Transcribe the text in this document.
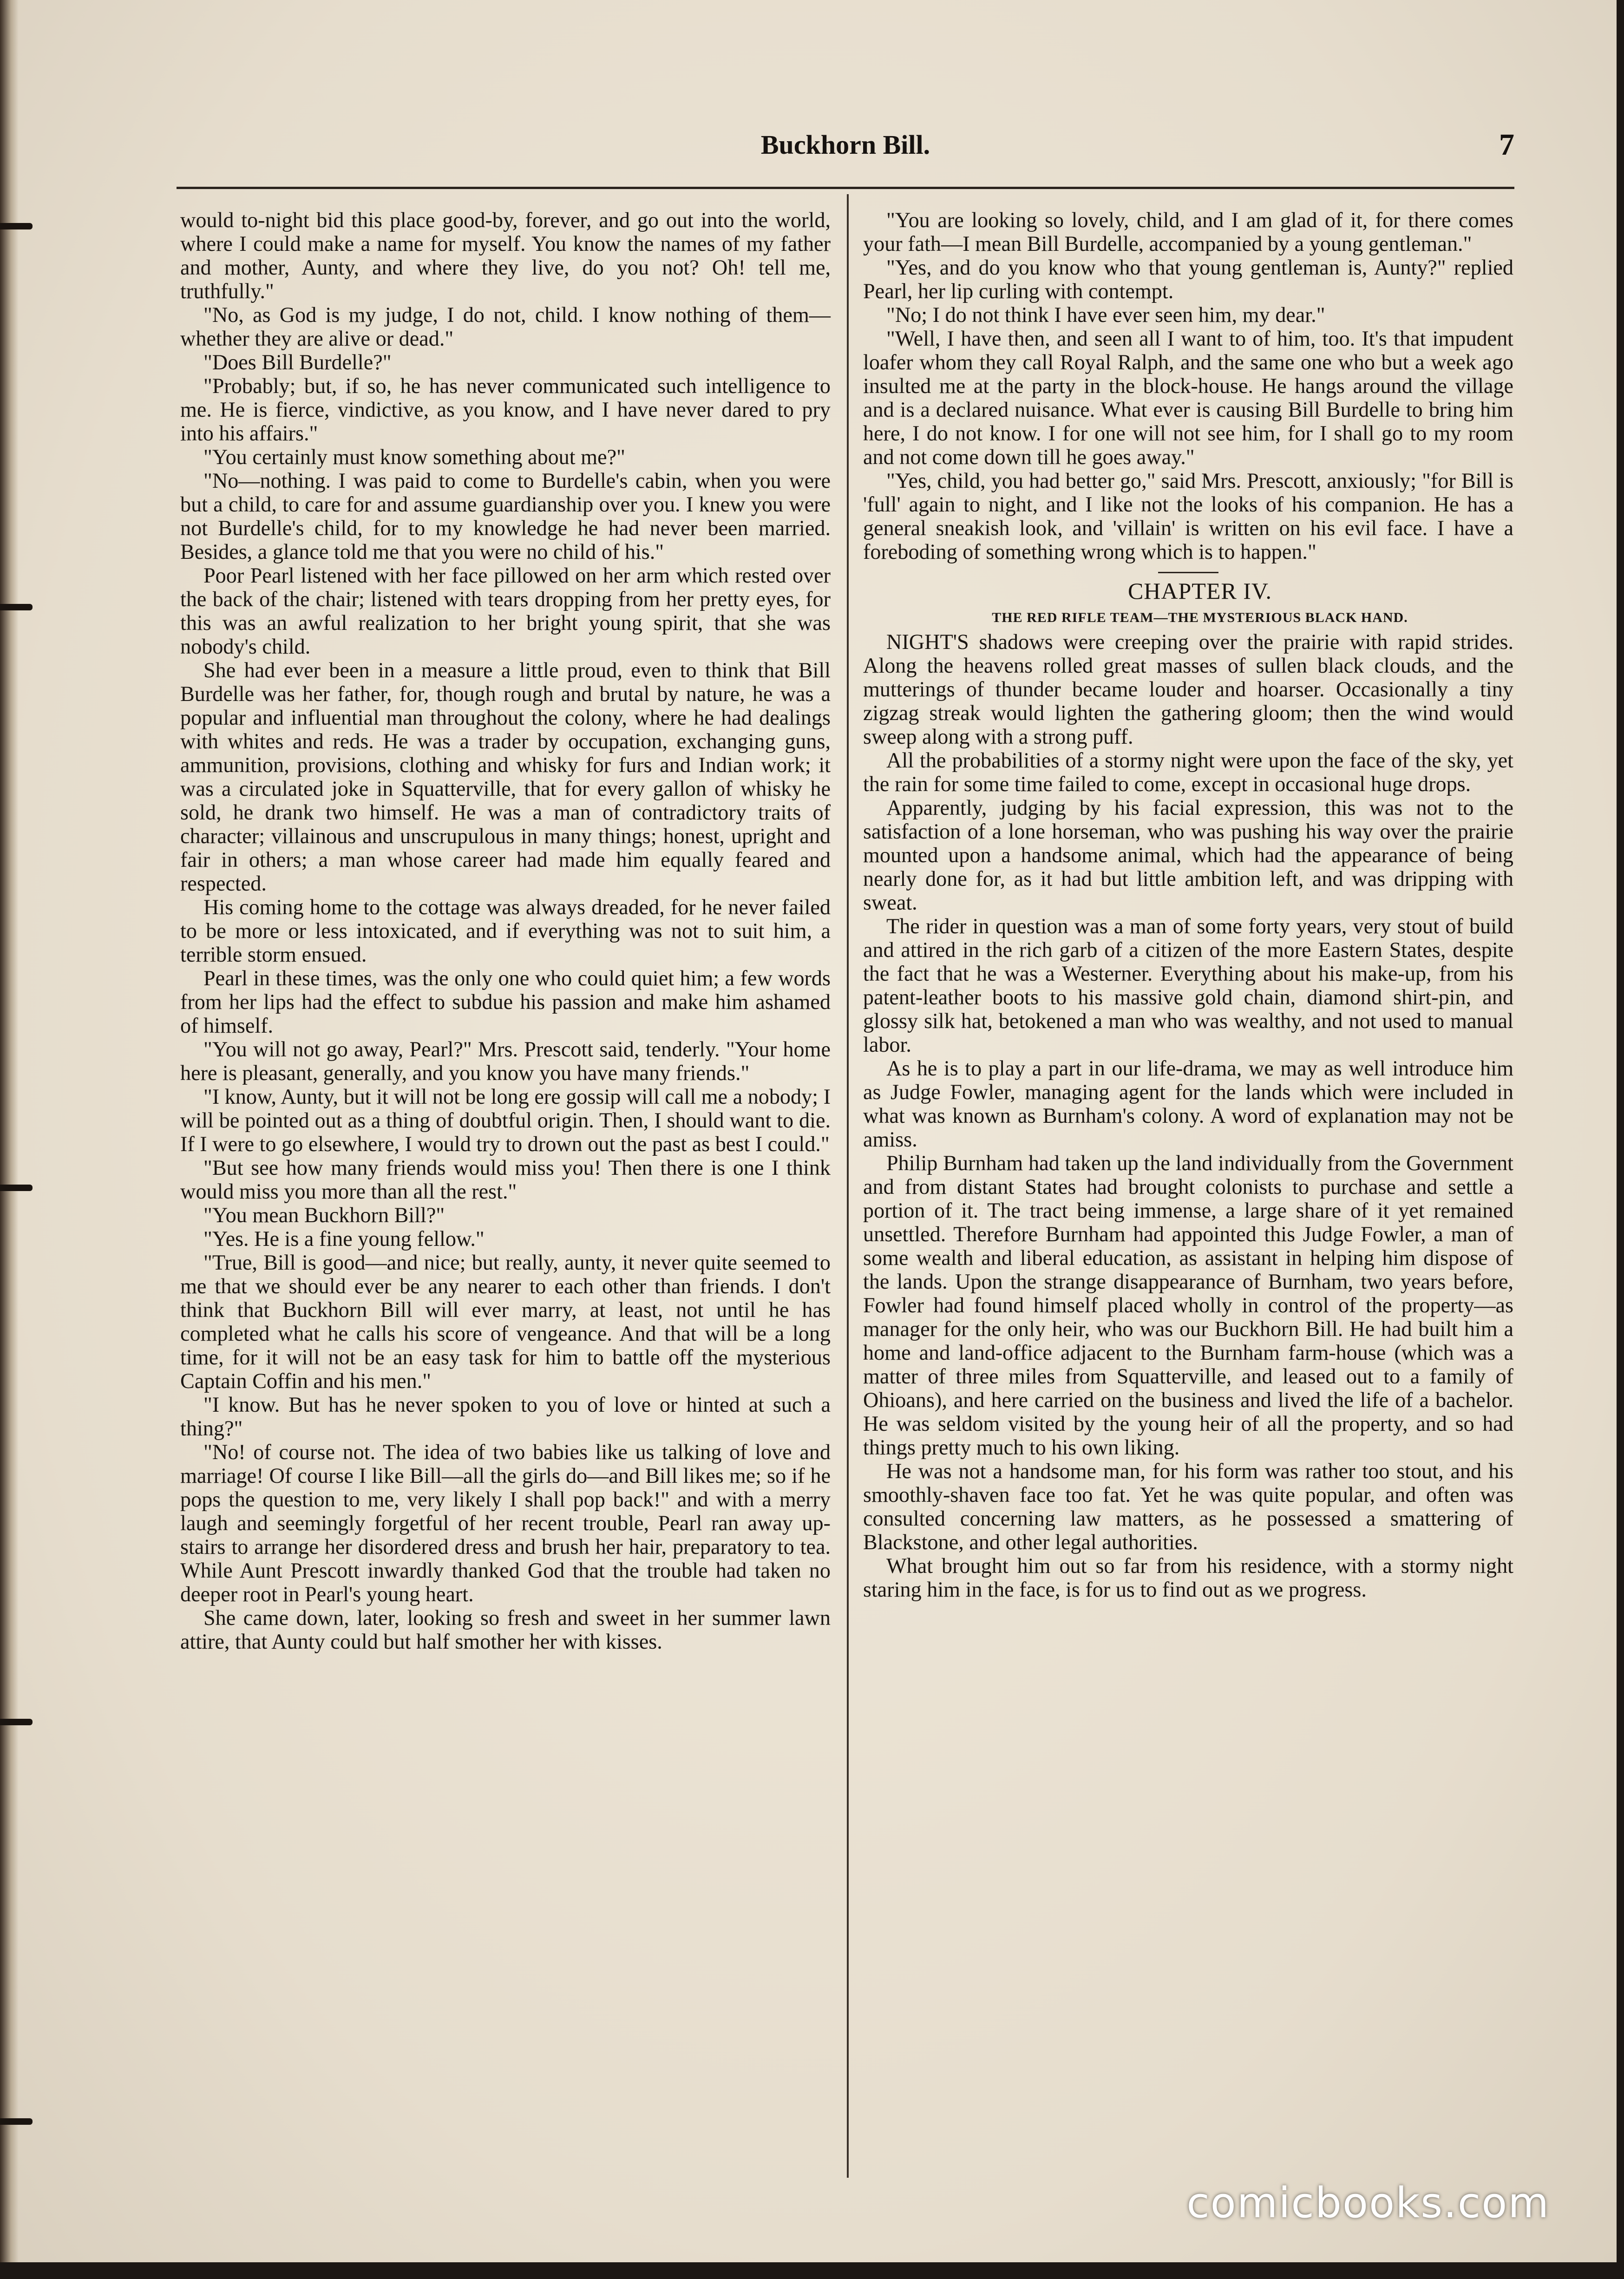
Buckhorn Bill.	7

would to-night bid this place good-by, forever, and go out into the world, where I could make a name for myself. You know the names of my father and mother, Aunty, and where they live, do you not? Oh! tell me, truthfully."

"No, as God is my judge, I do not, child. I know nothing of them—whether they are alive or dead."

"Does Bill Burdelle?"

"Probably; but, if so, he has never communicated such intelligence to me. He is fierce, vindictive, as you know, and I have never dared to pry into his affairs."

"You certainly must know something about me?"

"No—nothing. I was paid to come to Burdelle's cabin, when you were but a child, to care for and assume guardianship over you. I knew you were not Burdelle's child, for to my knowledge he had never been married. Besides, a glance told me that you were no child of his."

Poor Pearl listened with her face pillowed on her arm which rested over the back of the chair; listened with tears dropping from her pretty eyes, for this was an awful realization to her bright young spirit, that she was nobody's child.

She had ever been in a measure a little proud, even to think that Bill Burdelle was her father, for, though rough and brutal by nature, he was a popular and influential man throughout the colony, where he had dealings with whites and reds. He was a trader by occupation, exchanging guns, ammunition, provisions, clothing and whisky for furs and Indian work; it was a circulated joke in Squatterville, that for every gallon of whisky he sold, he drank two himself. He was a man of contradictory traits of character; villainous and unscrupulous in many things; honest, upright and fair in others; a man whose career had made him equally feared and respected.

His coming home to the cottage was always dreaded, for he never failed to be more or less intoxicated, and if everything was not to suit him, a terrible storm ensued.

Pearl in these times, was the only one who could quiet him; a few words from her lips had the effect to subdue his passion and make him ashamed of himself.

"You will not go away, Pearl?" Mrs. Prescott said, tenderly. "Your home here is pleasant, generally, and you know you have many friends."

"I know, Aunty, but it will not be long ere gossip will call me a nobody; I will be pointed out as a thing of doubtful origin. Then, I should want to die. If I were to go elsewhere, I would try to drown out the past as best I could."

"But see how many friends would miss you! Then there is one I think would miss you more than all the rest."

"You mean Buckhorn Bill?"

"Yes. He is a fine young fellow."

"True, Bill is good—and nice; but really, aunty, it never quite seemed to me that we should ever be any nearer to each other than friends. I don't think that Buckhorn Bill will ever marry, at least, not until he has completed what he calls his score of vengeance. And that will be a long time, for it will not be an easy task for him to battle off the mysterious Captain Coffin and his men."

"I know. But has he never spoken to you of love or hinted at such a thing?"

"No! of course not. The idea of two babies like us talking of love and marriage! Of course I like Bill—all the girls do—and Bill likes me; so if he pops the question to me, very likely I shall pop back!" and with a merry laugh and seemingly forgetful of her recent trouble, Pearl ran away up-stairs to arrange her disordered dress and brush her hair, preparatory to tea. While Aunt Prescott inwardly thanked God that the trouble had taken no deeper root in Pearl's young heart.

She came down, later, looking so fresh and sweet in her summer lawn attire, that Aunty could but half smother her with kisses.

"You are looking so lovely, child, and I am glad of it, for there comes your fath—I mean Bill Burdelle, accompanied by a young gentleman."

"Yes, and do you know who that young gentleman is, Aunty?" replied Pearl, her lip curling with contempt.

"No; I do not think I have ever seen him, my dear."

"Well, I have then, and seen all I want to of him, too. It's that impudent loafer whom they call Royal Ralph, and the same one who but a week ago insulted me at the party in the block-house. He hangs around the village and is a declared nuisance. What ever is causing Bill Burdelle to bring him here, I do not know. I for one will not see him, for I shall go to my room and not come down till he goes away."

"Yes, child, you had better go," said Mrs. Prescott, anxiously; "for Bill is 'full' again to night, and I like not the looks of his companion. He has a general sneakish look, and 'villain' is written on his evil face. I have a foreboding of something wrong which is to happen."

CHAPTER IV.

THE RED RIFLE TEAM—THE MYSTERIOUS BLACK HAND.

NIGHT'S shadows were creeping over the prairie with rapid strides. Along the heavens rolled great masses of sullen black clouds, and the mutterings of thunder became louder and hoarser. Occasionally a tiny zigzag streak would lighten the gathering gloom; then the wind would sweep along with a strong puff.

All the probabilities of a stormy night were upon the face of the sky, yet the rain for some time failed to come, except in occasional huge drops.

Apparently, judging by his facial expression, this was not to the satisfaction of a lone horseman, who was pushing his way over the prairie mounted upon a handsome animal, which had the appearance of being nearly done for, as it had but little ambition left, and was dripping with sweat.

The rider in question was a man of some forty years, very stout of build and attired in the rich garb of a citizen of the more Eastern States, despite the fact that he was a Westerner. Everything about his make-up, from his patent-leather boots to his massive gold chain, diamond shirt-pin, and glossy silk hat, betokened a man who was wealthy, and not used to manual labor.

As he is to play a part in our life-drama, we may as well introduce him as Judge Fowler, managing agent for the lands which were included in what was known as Burnham's colony. A word of explanation may not be amiss.

Philip Burnham had taken up the land individually from the Government and from distant States had brought colonists to purchase and settle a portion of it. The tract being immense, a large share of it yet remained unsettled. Therefore Burnham had appointed this Judge Fowler, a man of some wealth and liberal education, as assistant in helping him dispose of the lands. Upon the strange disappearance of Burnham, two years before, Fowler had found himself placed wholly in control of the property—as manager for the only heir, who was our Buckhorn Bill. He had built him a home and land-office adjacent to the Burnham farm-house (which was a matter of three miles from Squatterville, and leased out to a family of Ohioans), and here carried on the business and lived the life of a bachelor. He was seldom visited by the young heir of all the property, and so had things pretty much to his own liking.

He was not a handsome man, for his form was rather too stout, and his smoothly-shaven face too fat. Yet he was quite popular, and often was consulted concerning law matters, as he possessed a smattering of Blackstone, and other legal authorities.

What brought him out so far from his residence, with a stormy night staring him in the face, is for us to find out as we progress.

comicbooks.com
